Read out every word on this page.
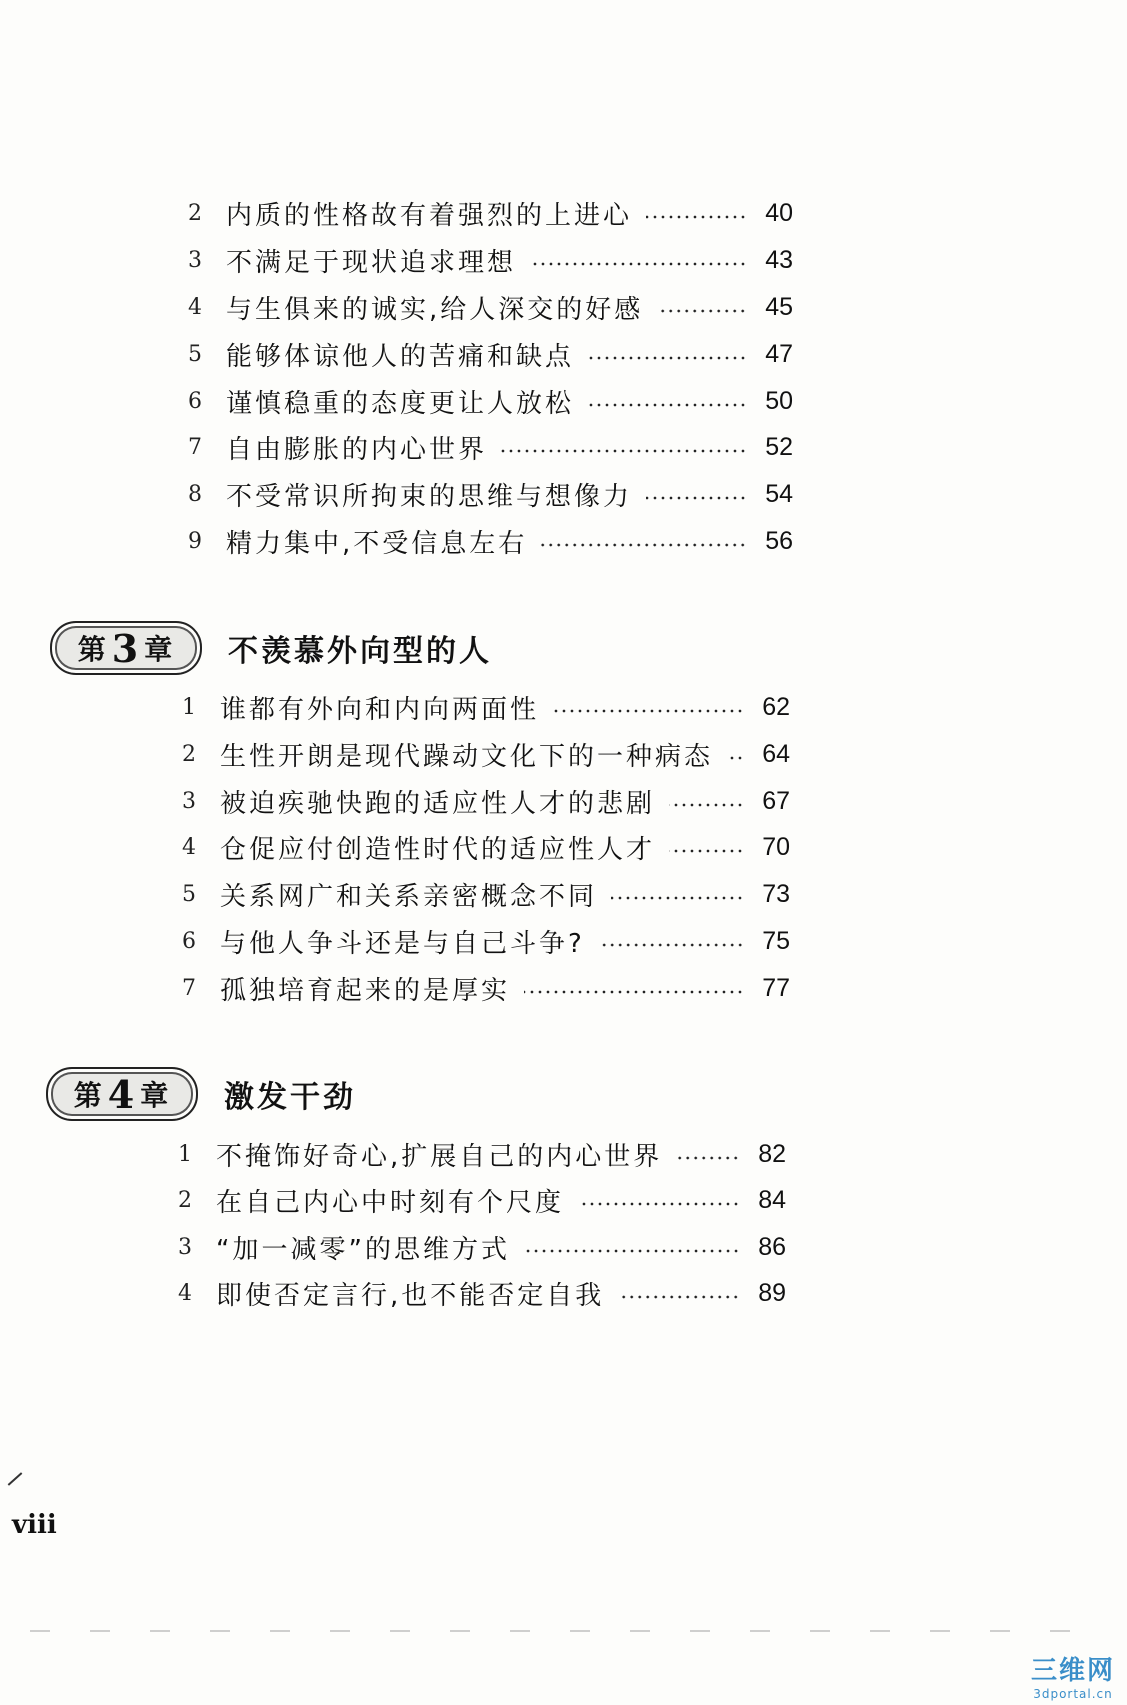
2 内质的性格故有着强烈的上进心	40
3 不满足于现状追求理想	43
4 与生俱来的诚实,给人深交的好感	45
5 能够体谅他人的苦痛和缺点	47
6 谨慎稳重的态度更让人放松	50
7 自由膨胀的内心世界	52
8 不受常识所拘束的思维与想像力	54
9 精力集中,不受信息左右	56
第 3 章 不羡慕外向型的人
1 谁都有外向和内向两面性	62
2 生性开朗是现代躁动文化下的一种病态 64
3 被迫疾驰快跑的适应性人才的悲剧	67
4 仓促应付创造性时代的适应性人才	70
5 关系网广和关系亲密概念不同	73
6 与他人争斗还是与自己斗争?	75
7 孤独培育起来的是厚实	77
第 4 章 激发干劲
1 不掩饰好奇心,扩展自己的内心世界	82
2 在自己内心中时刻有个尺度	84
3 “加一减零”的思维方式	86
4 即使否定言行,也不能否定自我	89
viii
三维网
3dportal.cn
